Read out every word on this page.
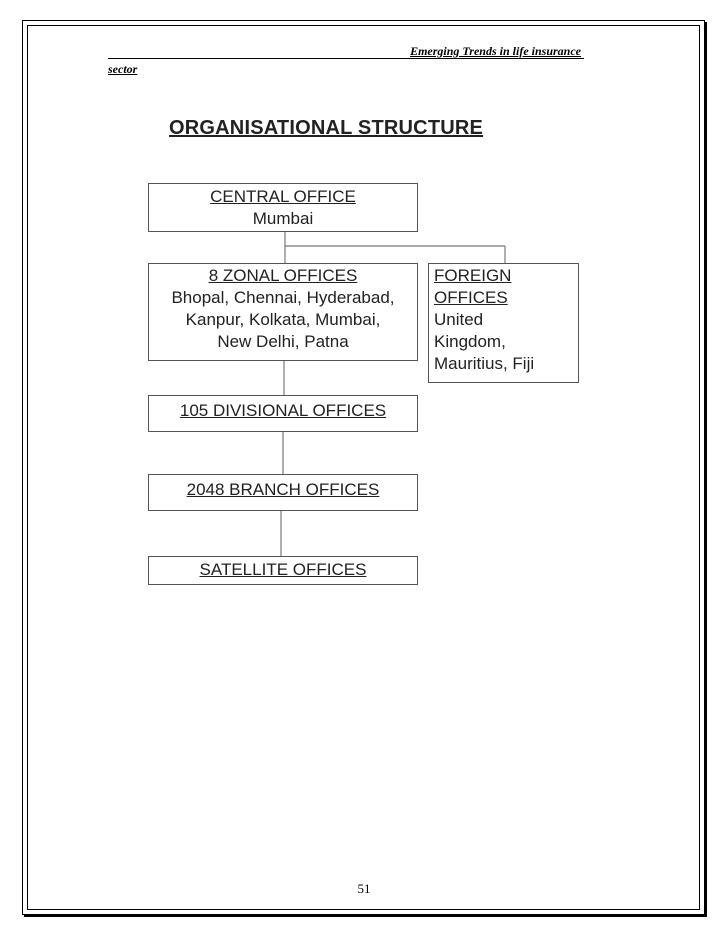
Emerging Trends in life insurance
sector
ORGANISATIONAL STRUCTURE
CENTRAL OFFICE
Mumbai
8 ZONAL OFFICES
Bhopal, Chennai, Hyderabad,
Kanpur, Kolkata, Mumbai,
New Delhi, Patna
FOREIGN
OFFICES
United
Kingdom,
Mauritius, Fiji
105 DIVISIONAL OFFICES
2048 BRANCH OFFICES
SATELLITE OFFICES
51
